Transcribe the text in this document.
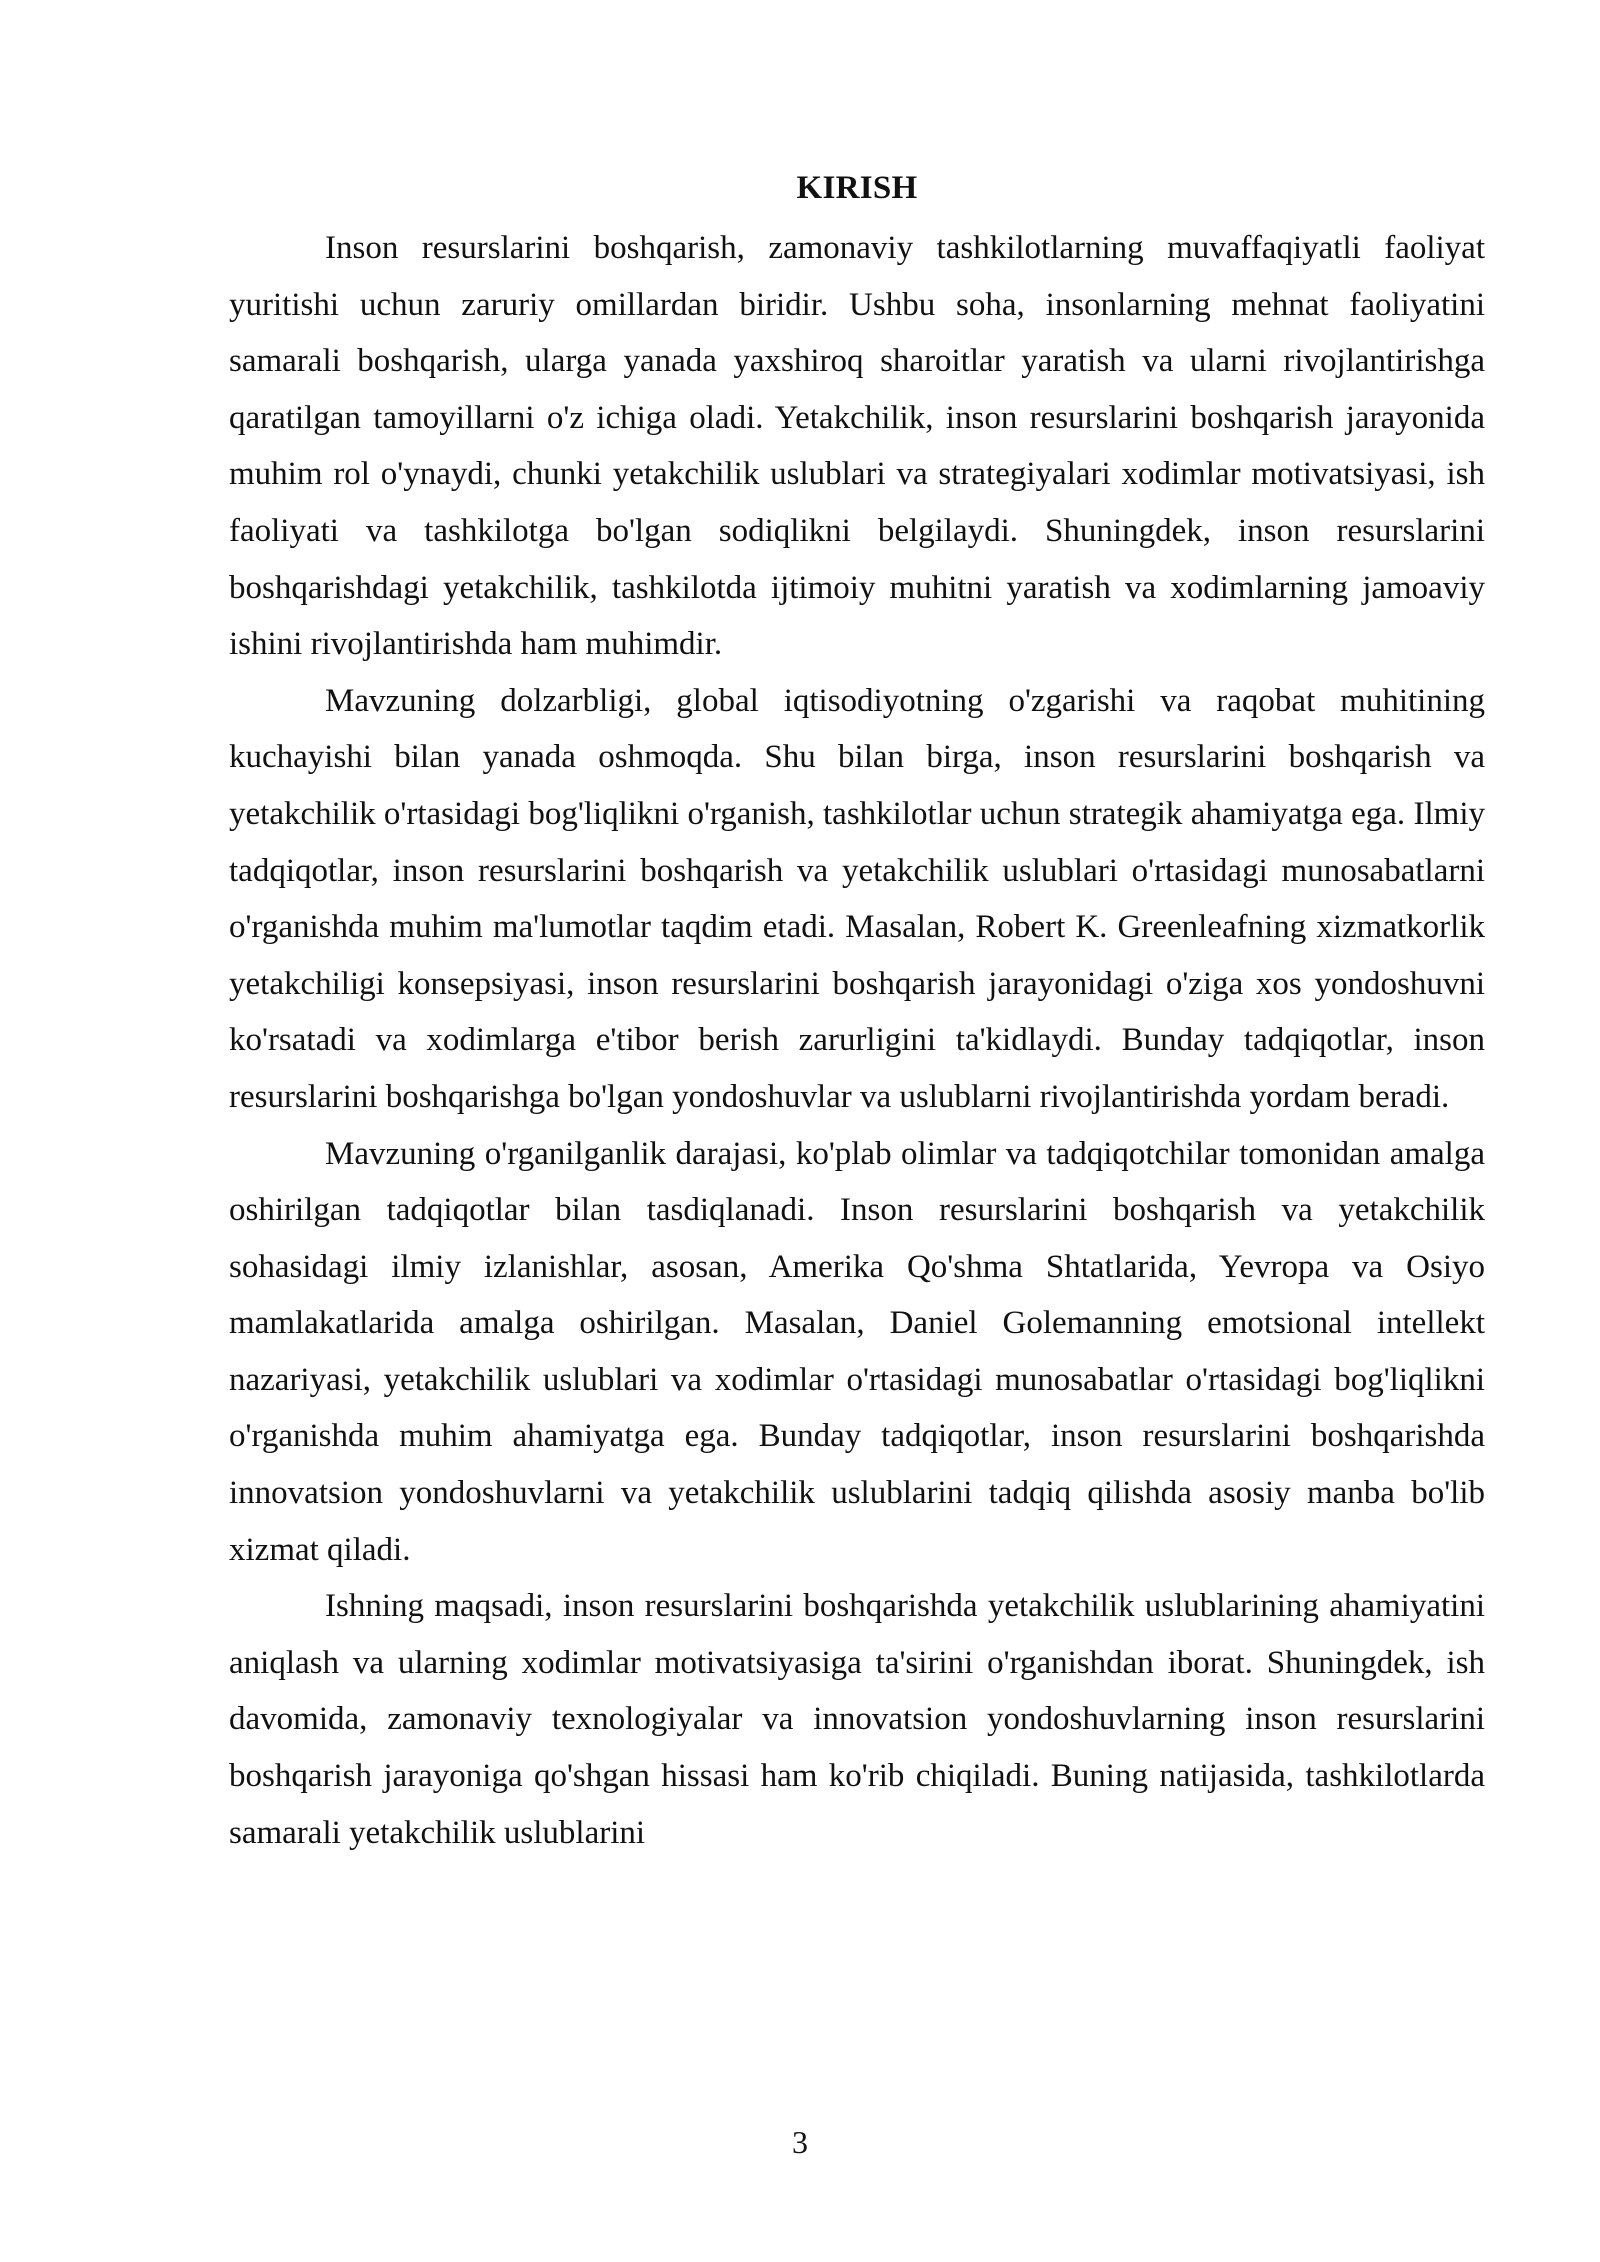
KIRISH

Inson resurslarini boshqarish, zamonaviy tashkilotlarning muvaffaqiyatli faoliyat yuritishi uchun zaruriy omillardan biridir. Ushbu soha, insonlarning mehnat faoliyatini samarali boshqarish, ularga yanada yaxshiroq sharoitlar yaratish va ularni rivojlantirishga qaratilgan tamoyillarni o'z ichiga oladi. Yetakchilik, inson resurslarini boshqarish jarayonida muhim rol o'ynaydi, chunki yetakchilik uslublari va strategiyalari xodimlar motivatsiyasi, ish faoliyati va tashkilotga bo'lgan sodiqlikni belgilaydi. Shuningdek, inson resurslarini boshqarishdagi yetakchilik, tashkilotda ijtimoiy muhitni yaratish va xodimlarning jamoaviy ishini rivojlantirishda ham muhimdir.

Mavzuning dolzarbligi, global iqtisodiyotning o'zgarishi va raqobat muhitining kuchayishi bilan yanada oshmoqda. Shu bilan birga, inson resurslarini boshqarish va yetakchilik o'rtasidagi bog'liqlikni o'rganish, tashkilotlar uchun strategik ahamiyatga ega. Ilmiy tadqiqotlar, inson resurslarini boshqarish va yetakchilik uslublari o'rtasidagi munosabatlarni o'rganishda muhim ma'lumotlar taqdim etadi. Masalan, Robert K. Greenleafning xizmatkorlik yetakchiligi konsepsiyasi, inson resurslarini boshqarish jarayonidagi o'ziga xos yondoshuvni ko'rsatadi va xodimlarga e'tibor berish zarurligini ta'kidlaydi. Bunday tadqiqotlar, inson resurslarini boshqarishga bo'lgan yondoshuvlar va uslublarni rivojlantirishda yordam beradi.

Mavzuning o'rganilganlik darajasi, ko'plab olimlar va tadqiqotchilar tomonidan amalga oshirilgan tadqiqotlar bilan tasdiqlanadi. Inson resurslarini boshqarish va yetakchilik sohasidagi ilmiy izlanishlar, asosan, Amerika Qo'shma Shtatlarida, Yevropa va Osiyo mamlakatlarida amalga oshirilgan. Masalan, Daniel Golemanning emotsional intellekt nazariyasi, yetakchilik uslublari va xodimlar o'rtasidagi munosabatlar o'rtasidagi bog'liqlikni o'rganishda muhim ahamiyatga ega. Bunday tadqiqotlar, inson resurslarini boshqarishda innovatsion yondoshuvlarni va yetakchilik uslublarini tadqiq qilishda asosiy manba bo'lib xizmat qiladi.

Ishning maqsadi, inson resurslarini boshqarishda yetakchilik uslublarining ahamiyatini aniqlash va ularning xodimlar motivatsiyasiga ta'sirini o'rganishdan iborat. Shuningdek, ish davomida, zamonaviy texnologiyalar va innovatsion yondoshuvlarning inson resurslarini boshqarish jarayoniga qo'shgan hissasi ham ko'rib chiqiladi. Buning natijasida, tashkilotlarda samarali yetakchilik uslublarini

3
